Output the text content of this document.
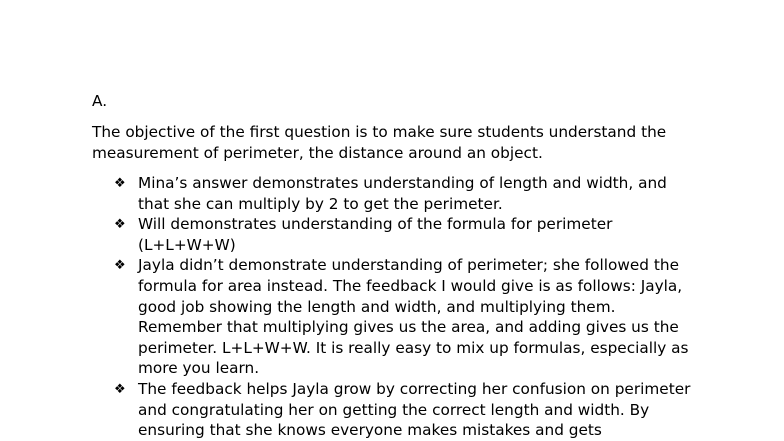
A.

The objective of the first question is to make sure students understand the measurement of perimeter, the distance around an object.

❖ Mina’s answer demonstrates understanding of length and width, and that she can multiply by 2 to get the perimeter.
❖ Will demonstrates understanding of the formula for perimeter (L+L+W+W)
❖ Jayla didn’t demonstrate understanding of perimeter; she followed the formula for area instead. The feedback I would give is as follows: Jayla, good job showing the length and width, and multiplying them. Remember that multiplying gives us the area, and adding gives us the perimeter. L+L+W+W. It is really easy to mix up formulas, especially as more you learn.
❖ The feedback helps Jayla grow by correcting her confusion on perimeter and congratulating her on getting the correct length and width. By ensuring that she knows everyone makes mistakes and gets
